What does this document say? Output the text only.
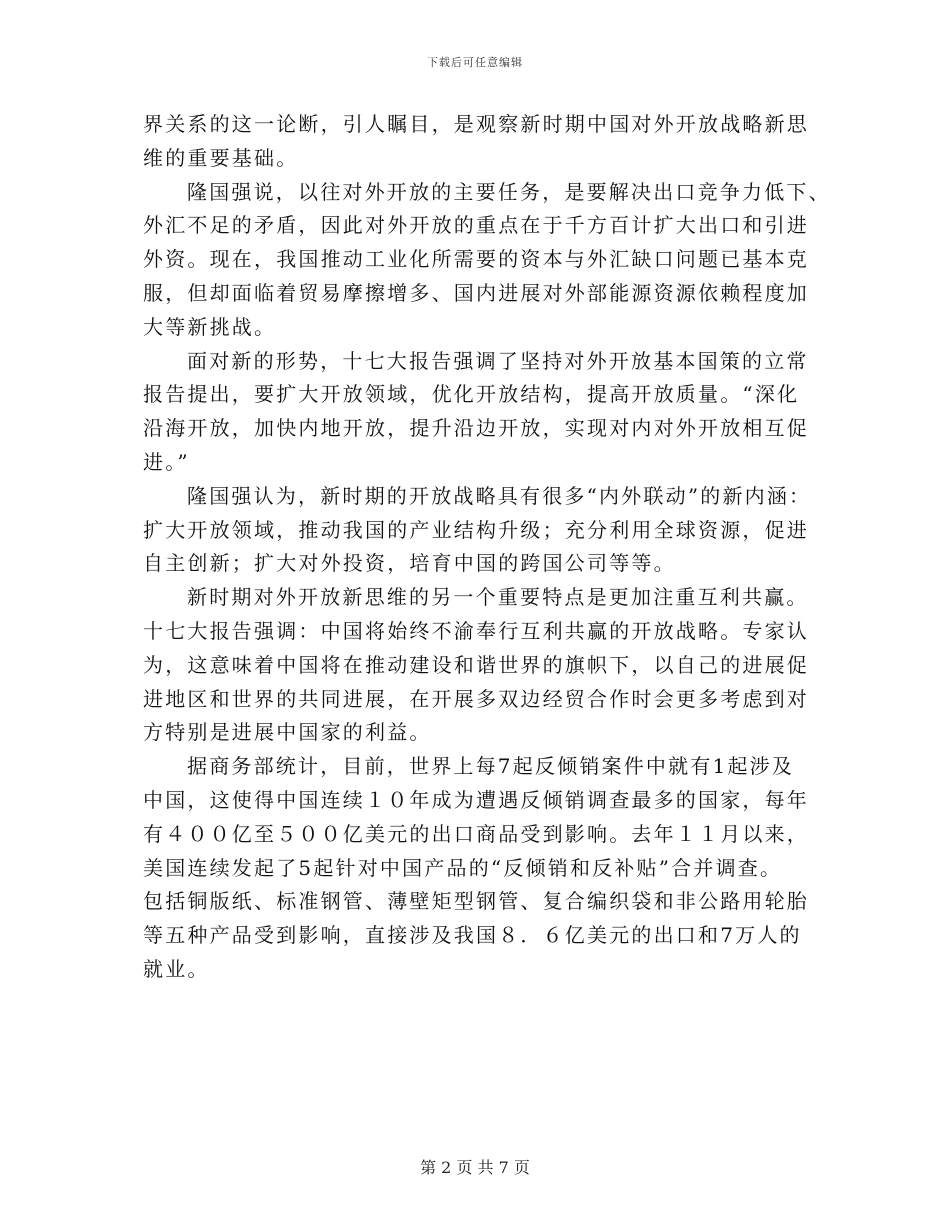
下载后可任意编辑
界关系的这一论断，引人瞩目，是观察新时期中国对外开放战略新思
维的重要基础。
隆国强说，以往对外开放的主要任务，是要解决出口竞争力低下、
外汇不足的矛盾，因此对外开放的重点在于千方百计扩大出口和引进
外资。现在，我国推动工业化所需要的资本与外汇缺口问题已基本克
服，但却面临着贸易摩擦增多、国内进展对外部能源资源依赖程度加
大等新挑战。
面对新的形势，十七大报告强调了坚持对外开放基本国策的立常
报告提出，要扩大开放领域，优化开放结构，提高开放质量。“深化
沿海开放，加快内地开放，提升沿边开放，实现对内对外开放相互促
进。”
隆国强认为，新时期的开放战略具有很多“内外联动”的新内涵：
扩大开放领域，推动我国的产业结构升级；充分利用全球资源，促进
自主创新；扩大对外投资，培育中国的跨国公司等等。
新时期对外开放新思维的另一个重要特点是更加注重互利共赢。
十七大报告强调：中国将始终不渝奉行互利共赢的开放战略。专家认
为，这意味着中国将在推动建设和谐世界的旗帜下，以自己的进展促
进地区和世界的共同进展，在开展多双边经贸合作时会更多考虑到对
方特别是进展中国家的利益。
据商务部统计，目前，世界上每7起反倾销案件中就有1起涉及
中国，这使得中国连续１０年成为遭遇反倾销调查最多的国家，每年
有４００亿至５００亿美元的出口商品受到影响。去年１１月以来，
美国连续发起了5起针对中国产品的“反倾销和反补贴”合并调查。
包括铜版纸、标准钢管、薄壁矩型钢管、复合编织袋和非公路用轮胎
等五种产品受到影响，直接涉及我国８．６亿美元的出口和7万人的
就业。
第 2 页 共 7 页
